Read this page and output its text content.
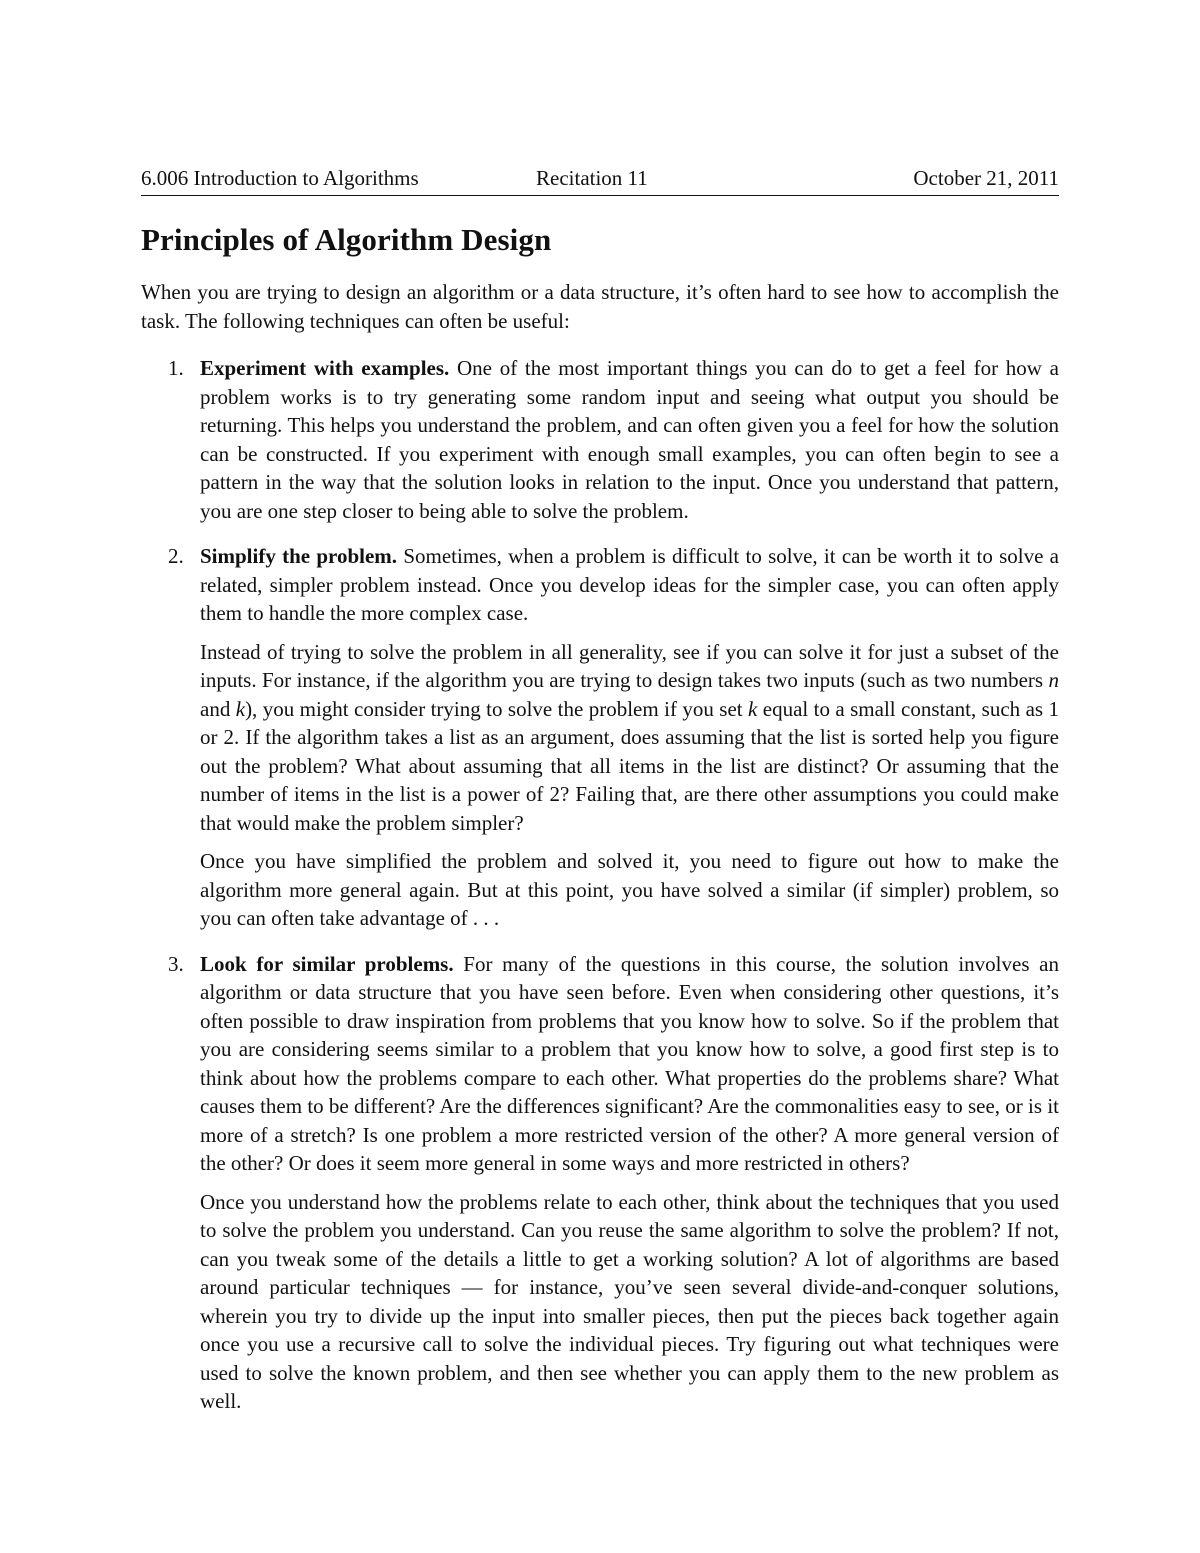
6.006 Introduction to Algorithms	Recitation 11	October 21, 2011
Principles of Algorithm Design

When you are trying to design an algorithm or a data structure, it’s often hard to see how to accomplish the task. The following techniques can often be useful:

1. Experiment with examples. One of the most important things you can do to get a feel for how a problem works is to try generating some random input and seeing what output you should be returning. This helps you understand the problem, and can often given you a feel for how the solution can be constructed. If you experiment with enough small examples, you can often begin to see a pattern in the way that the solution looks in relation to the input. Once you understand that pattern, you are one step closer to being able to solve the problem.

2. Simplify the problem. Sometimes, when a problem is difficult to solve, it can be worth it to solve a related, simpler problem instead. Once you develop ideas for the simpler case, you can often apply them to handle the more complex case.

Instead of trying to solve the problem in all generality, see if you can solve it for just a subset of the inputs. For instance, if the algorithm you are trying to design takes two inputs (such as two numbers n and k), you might consider trying to solve the problem if you set k equal to a small constant, such as 1 or 2. If the algorithm takes a list as an argument, does assuming that the list is sorted help you figure out the problem? What about assuming that all items in the list are distinct? Or assuming that the number of items in the list is a power of 2? Failing that, are there other assumptions you could make that would make the problem simpler?

Once you have simplified the problem and solved it, you need to figure out how to make the algorithm more general again. But at this point, you have solved a similar (if simpler) problem, so you can often take advantage of . . .

3. Look for similar problems. For many of the questions in this course, the solution involves an algorithm or data structure that you have seen before. Even when considering other questions, it’s often possible to draw inspiration from problems that you know how to solve. So if the problem that you are considering seems similar to a problem that you know how to solve, a good first step is to think about how the problems compare to each other. What properties do the problems share? What causes them to be different? Are the differences significant? Are the commonalities easy to see, or is it more of a stretch? Is one problem a more restricted version of the other? A more general version of the other? Or does it seem more general in some ways and more restricted in others?

Once you understand how the problems relate to each other, think about the techniques that you used to solve the problem you understand. Can you reuse the same algorithm to solve the problem? If not, can you tweak some of the details a little to get a working solution? A lot of algorithms are based around particular techniques — for instance, you’ve seen several divide-and-conquer solutions, wherein you try to divide up the input into smaller pieces, then put the pieces back together again once you use a recursive call to solve the individual pieces. Try figuring out what techniques were used to solve the known problem, and then see whether you can apply them to the new problem as well.
